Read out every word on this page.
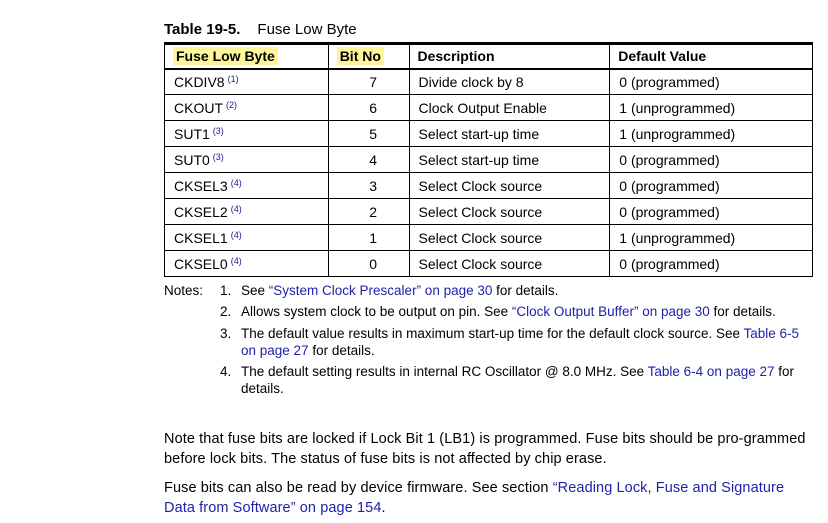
Table 19-5. Fuse Low Byte
Fuse Low Byte	Bit No	Description	Default Value
CKDIV8 $^{(1)}$	7	Divide clock by 8	0 (programmed)
CKOUT $^{(2)}$	6	Clock Output Enable	1 (unprogrammed)
SUT1 $^{(3)}$	5	Select start-up time	1 (unprogrammed)
SUT0 $^{(3)}$	4	Select start-up time	0 (programmed)
CKSEL3 $^{(4)}$	3	Select Clock source	0 (programmed)
CKSEL2 $^{(4)}$	2	Select Clock source	0 (programmed)
CKSEL1 $^{(4)}$	1	Select Clock source	1 (unprogrammed)
CKSEL0 $^{(4)}$	0	Select Clock source	0 (programmed)
Notes: 1. See “System Clock Prescaler” on page 30 for details.
2. Allows system clock to be output on pin. See “Clock Output Buffer” on page 30 for details.
3. The default value results in maximum start-up time for the default clock source. See Table 6-5 on page 27 for details.
4. The default setting results in internal RC Oscillator @ 8.0 MHz. See Table 6-4 on page 27 for details.
Note that fuse bits are locked if Lock Bit 1 (LB1) is programmed. Fuse bits should be pro-grammed before lock bits. The status of fuse bits is not affected by chip erase.
Fuse bits can also be read by device firmware. See section “Reading Lock, Fuse and Signature Data from Software” on page 154.
